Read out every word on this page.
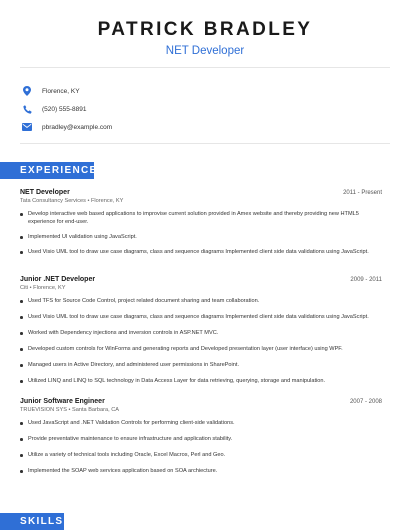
PATRICK BRADLEY
NET Developer
Florence, KY
(520) 555-8891
pbradley@example.com
EXPERIENCE
NET Developer	2011 - Present
Tata Consultancy Services • Florence, KY
Develop interactive web based applications to improvise current solution provided in Amex website and thereby providing new HTML5 experience for end-user.
Implemented UI validation using JavaScript.
Used Visio UML tool to draw use case diagrams, class and sequence diagrams Implemented client side data validations using JavaScript.
Junior .NET Developer	2009 - 2011
Citi • Florence, KY
Used TFS for Source Code Control, project related document sharing and team collaboration.
Used Visio UML tool to draw use case diagrams, class and sequence diagrams Implemented client side data validations using JavaScript.
Worked with Dependency injections and inversion controls in ASP.NET MVC.
Developed custom controls for WinForms and generating reports and Developed presentation layer (user interface) using WPF.
Managed users in Active Directory, and administered user permissions in SharePoint.
Utilized LINQ and LINQ to SQL technology in Data Access Layer for data retrieving, querying, storage and manipulation.
Junior Software Engineer	2007 - 2008
TRUEVISION SYS • Santa Barbara, CA
Used JavaScript and .NET Validation Controls for performing client-side validations.
Provide preventative maintenance to ensure infrastructure and application stability.
Utilize a variety of technical tools including Oracle, Excel Macros, Perl and Geo.
Implemented the SOAP web services application based on SOA archiecture.
SKILLS
